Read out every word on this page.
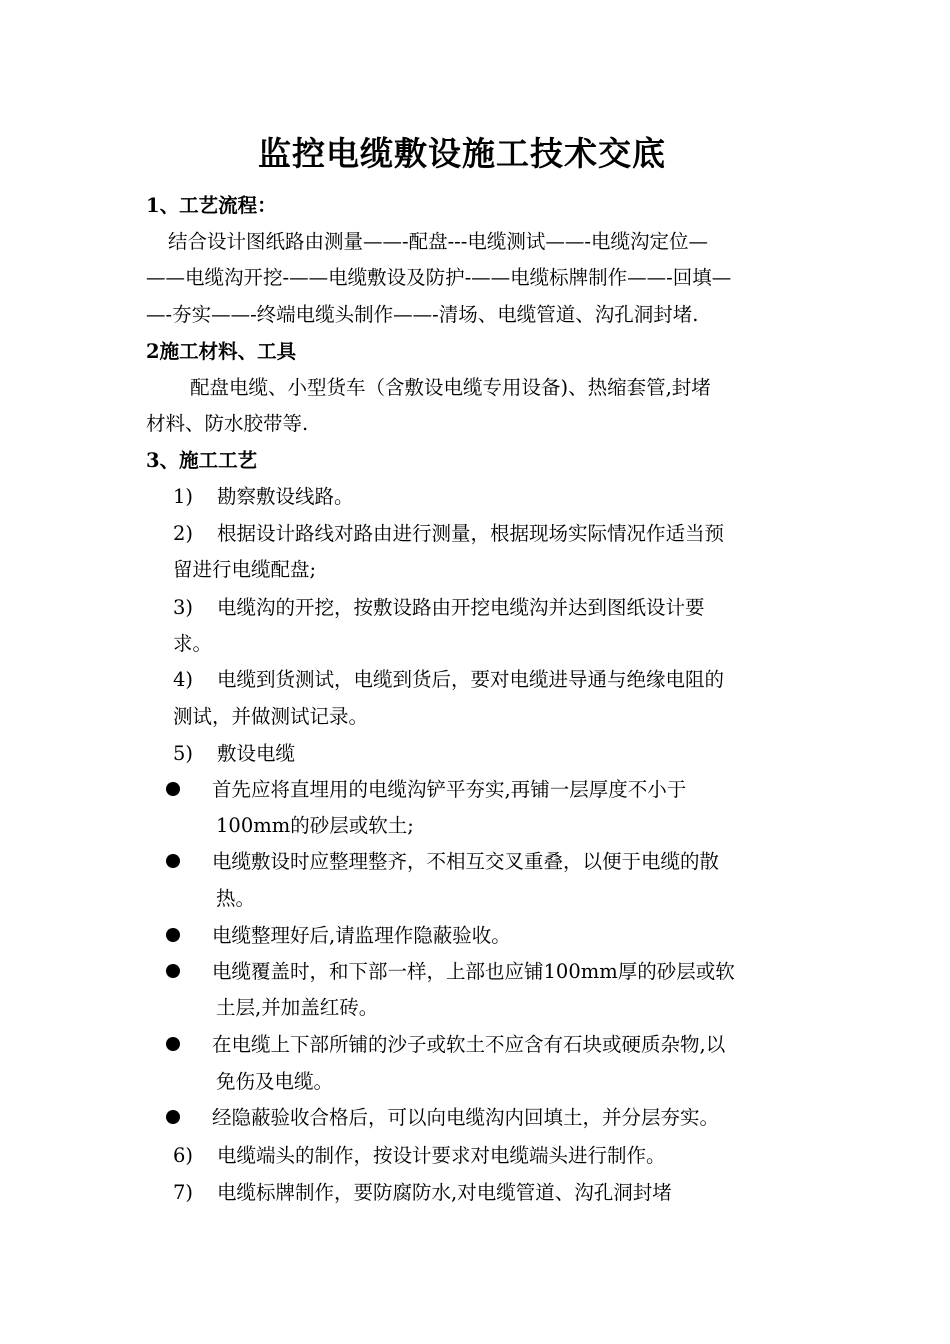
监控电缆敷设施工技术交底
1、工艺流程：
结合设计图纸路由测量——-配盘---电缆测试——-电缆沟定位—
——电缆沟开挖-——电缆敷设及防护-——电缆标牌制作——-回填—
—-夯实——-终端电缆头制作——-清场、电缆管道、沟孔洞封堵.
2施工材料、工具
配盘电缆、小型货车（含敷设电缆专用设备)、热缩套管,封堵
材料、防水胶带等.
3、施工工艺
1) 勘察敷设线路。
2) 根据设计路线对路由进行测量，根据现场实际情况作适当预
留进行电缆配盘;
3) 电缆沟的开挖，按敷设路由开挖电缆沟并达到图纸设计要
求。
4) 电缆到货测试，电缆到货后，要对电缆进导通与绝缘电阻的
测试，并做测试记录。
5) 敷设电缆
首先应将直埋用的电缆沟铲平夯实,再铺一层厚度不小于
100mm的砂层或软土;
电缆敷设时应整理整齐，不相互交叉重叠，以便于电缆的散
热。
电缆整理好后,请监理作隐蔽验收。
电缆覆盖时，和下部一样，上部也应铺100mm厚的砂层或软
土层,并加盖红砖。
在电缆上下部所铺的沙子或软土不应含有石块或硬质杂物,以
免伤及电缆。
经隐蔽验收合格后，可以向电缆沟内回填土，并分层夯实。
6) 电缆端头的制作，按设计要求对电缆端头进行制作。
7) 电缆标牌制作，要防腐防水,对电缆管道、沟孔洞封堵
